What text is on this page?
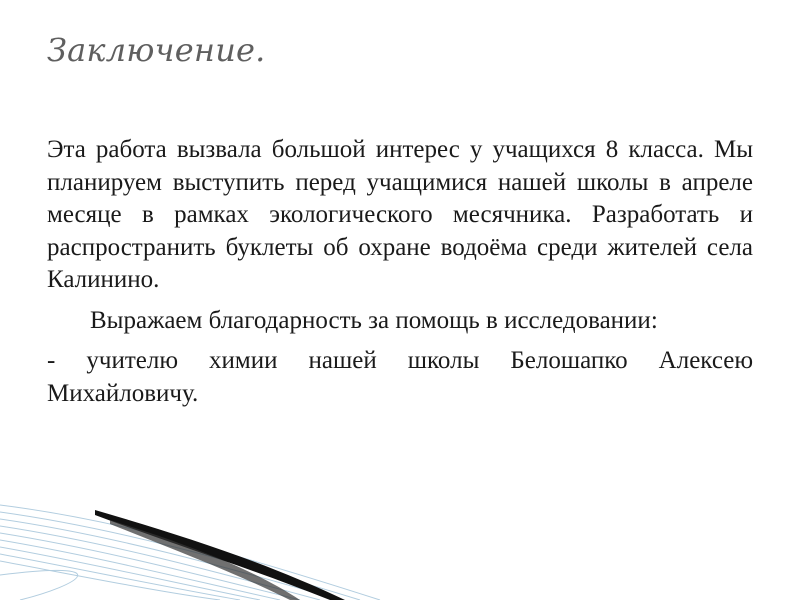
Заключение.

Эта работа вызвала большой интерес у учащихся 8 класса. Мы планируем выступить перед учащимися нашей школы в апреле месяце в рамках экологического месячника. Разработать и распространить буклеты об охране водоёма среди жителей села Калинино.

Выражаем благодарность за помощь в исследовании:

- учителю химии нашей школы Белошапко Алексею Михайловичу.
